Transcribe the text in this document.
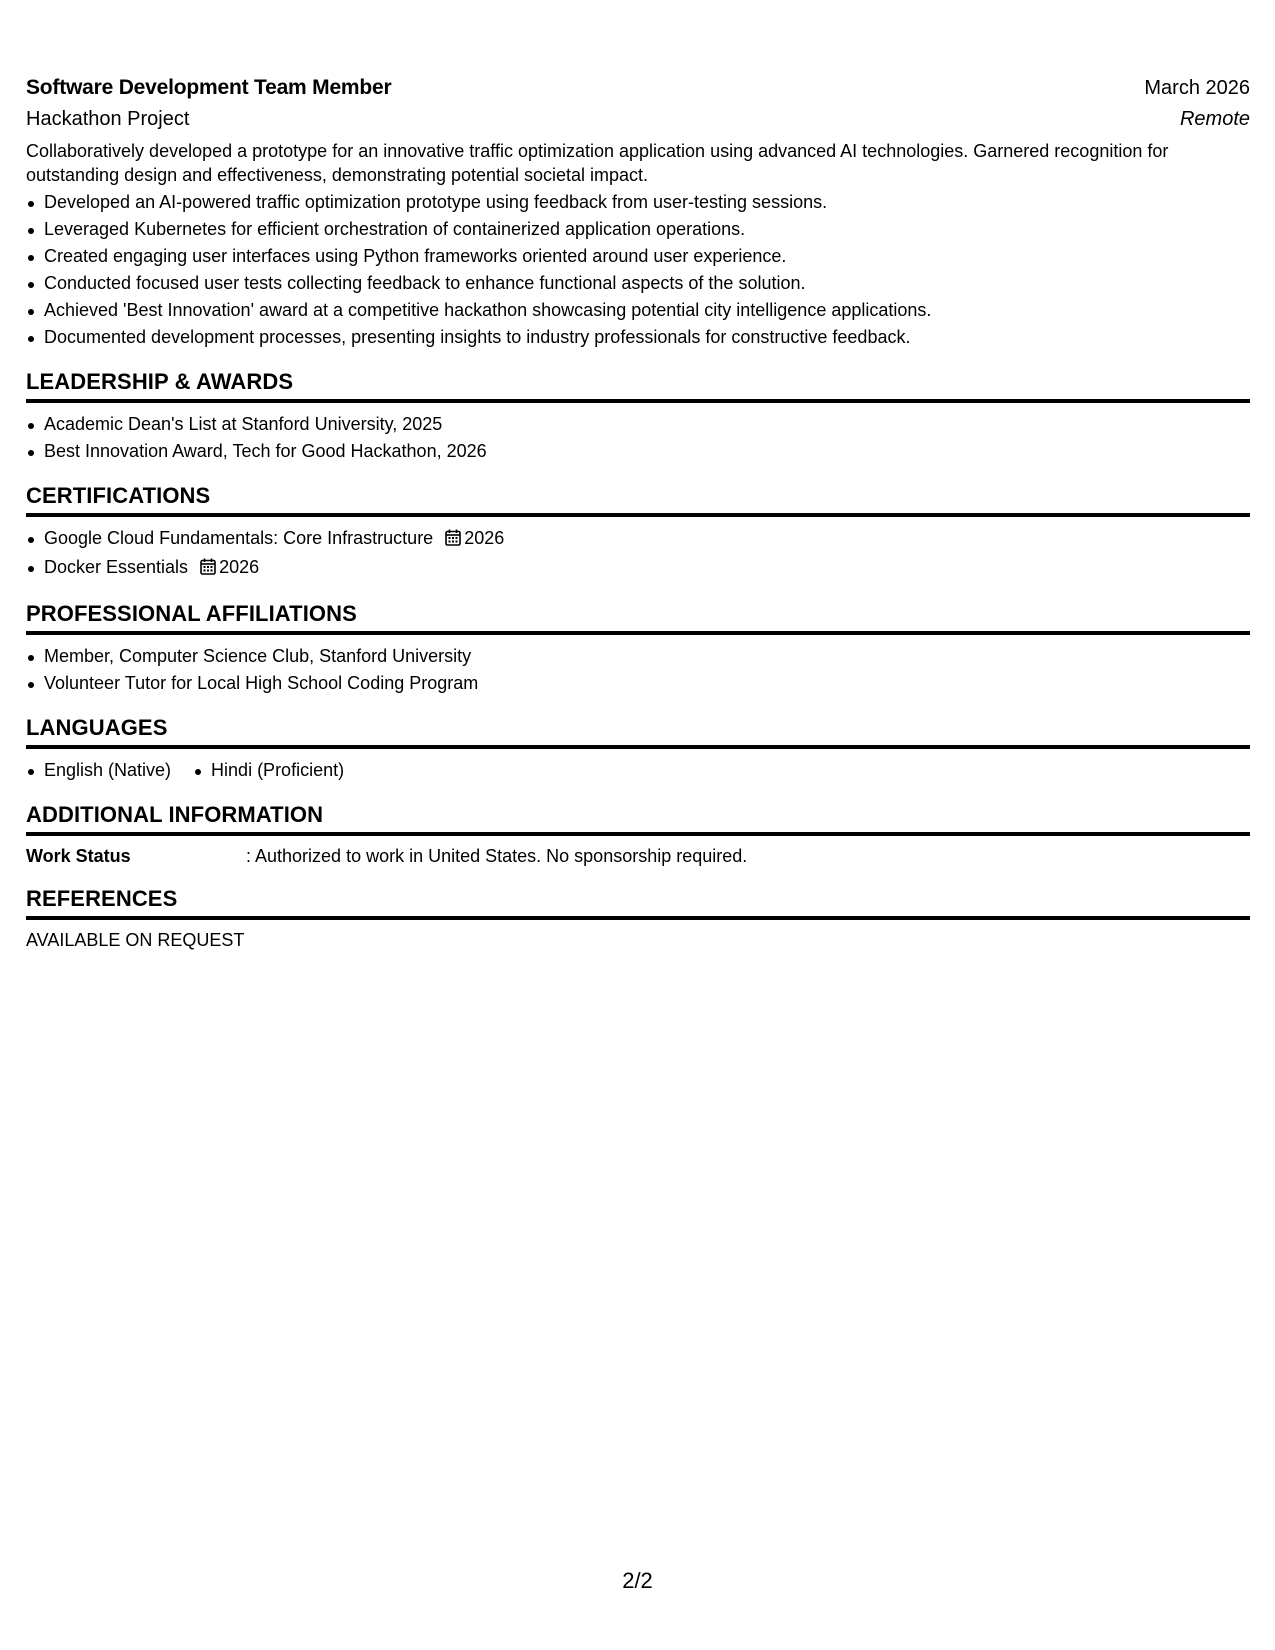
Software Development Team Member	March 2026
Hackathon Project	Remote
Collaboratively developed a prototype for an innovative traffic optimization application using advanced AI technologies. Garnered recognition for outstanding design and effectiveness, demonstrating potential societal impact.
Developed an AI-powered traffic optimization prototype using feedback from user-testing sessions.
Leveraged Kubernetes for efficient orchestration of containerized application operations.
Created engaging user interfaces using Python frameworks oriented around user experience.
Conducted focused user tests collecting feedback to enhance functional aspects of the solution.
Achieved 'Best Innovation' award at a competitive hackathon showcasing potential city intelligence applications.
Documented development processes, presenting insights to industry professionals for constructive feedback.
LEADERSHIP & AWARDS
Academic Dean's List at Stanford University, 2025
Best Innovation Award, Tech for Good Hackathon, 2026
CERTIFICATIONS
Google Cloud Fundamentals: Core Infrastructure 2026
Docker Essentials 2026
PROFESSIONAL AFFILIATIONS
Member, Computer Science Club, Stanford University
Volunteer Tutor for Local High School Coding Program
LANGUAGES
English (Native)	Hindi (Proficient)
ADDITIONAL INFORMATION
Work Status	: Authorized to work in United States. No sponsorship required.
REFERENCES
AVAILABLE ON REQUEST
2/2
